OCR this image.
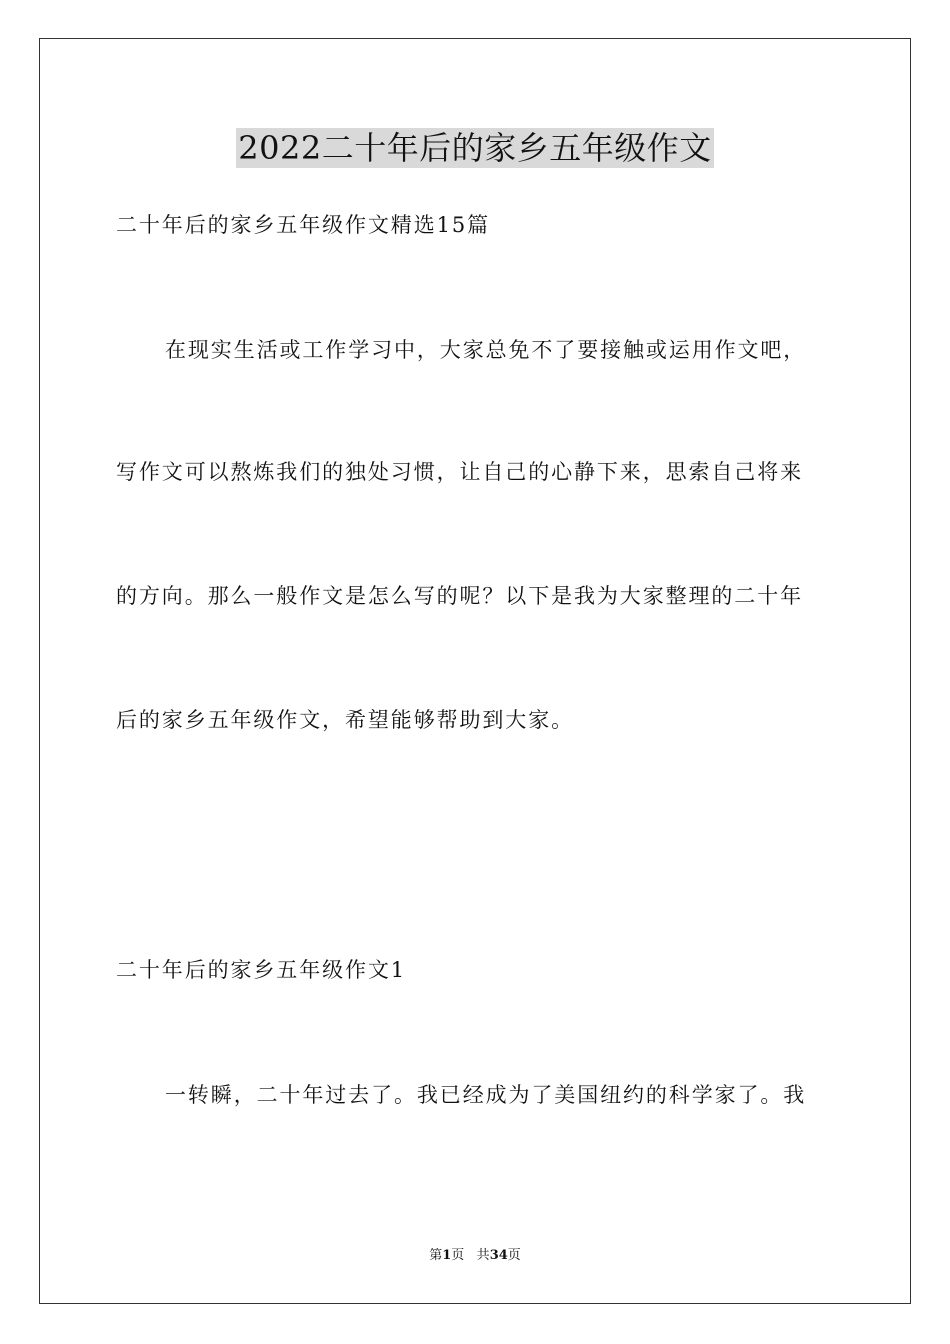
2022二十年后的家乡五年级作文

二十年后的家乡五年级作文精选15篇

在现实生活或工作学习中，大家总免不了要接触或运用作文吧，

写作文可以熬炼我们的独处习惯，让自己的心静下来，思索自己将来

的方向。那么一般作文是怎么写的呢？以下是我为大家整理的二十年

后的家乡五年级作文，希望能够帮助到大家。

二十年后的家乡五年级作文1

一转瞬，二十年过去了。我已经成为了美国纽约的科学家了。我

第1页 共34页
